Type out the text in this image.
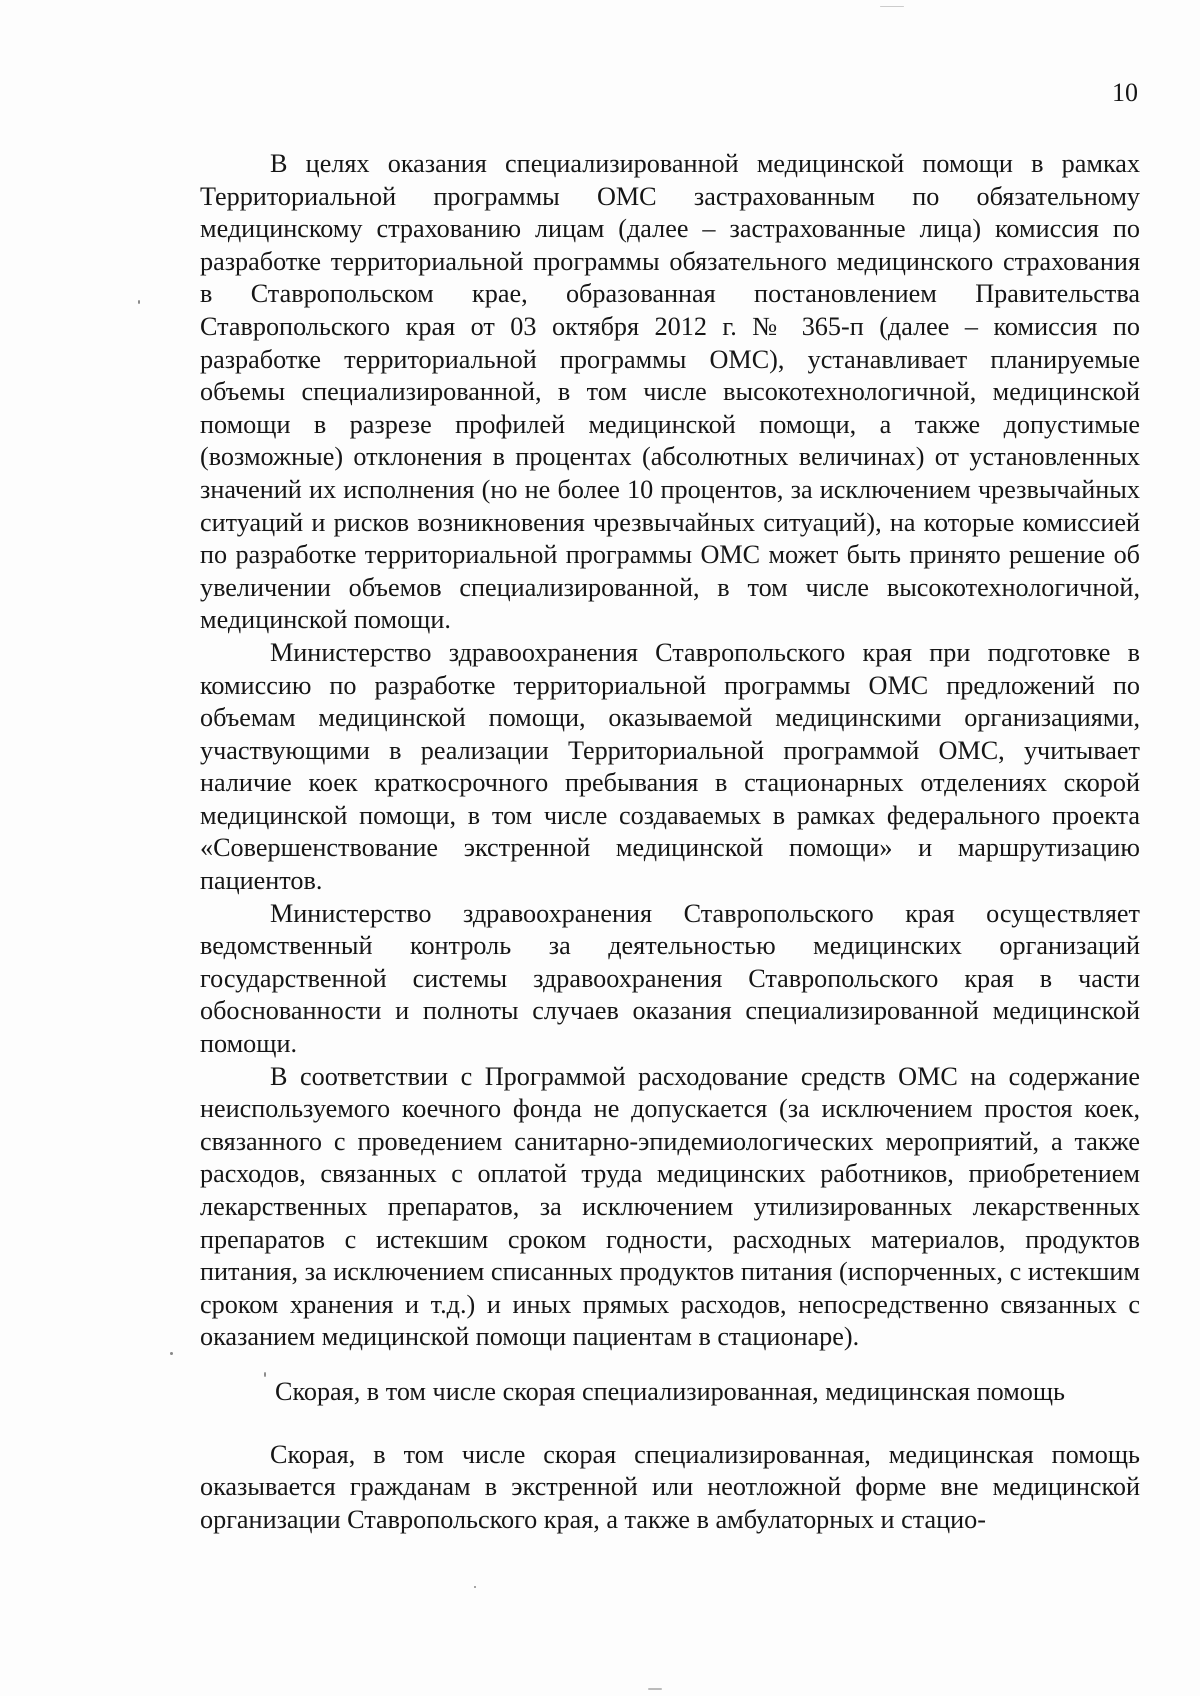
10

В целях оказания специализированной медицинской помощи в рамках Территориальной программы ОМС застрахованным по обязательному медицинскому страхованию лицам (далее – застрахованные лица) комиссия по разработке территориальной программы обязательного медицинского страхования в Ставропольском крае, образованная постановлением Правительства Ставропольского края от 03 октября 2012 г. № 365-п (далее – комиссия по разработке территориальной программы ОМС), устанавливает планируемые объемы специализированной, в том числе высокотехнологичной, медицинской помощи в разрезе профилей медицинской помощи, а также допустимые (возможные) отклонения в процентах (абсолютных величинах) от установленных значений их исполнения (но не более 10 процентов, за исключением чрезвычайных ситуаций и рисков возникновения чрезвычайных ситуаций), на которые комиссией по разработке территориальной программы ОМС может быть принято решение об увеличении объемов специализированной, в том числе высокотехнологичной, медицинской помощи.

Министерство здравоохранения Ставропольского края при подготовке в комиссию по разработке территориальной программы ОМС предложений по объемам медицинской помощи, оказываемой медицинскими организациями, участвующими в реализации Территориальной программой ОМС, учитывает наличие коек краткосрочного пребывания в стационарных отделениях скорой медицинской помощи, в том числе создаваемых в рамках федерального проекта «Совершенствование экстренной медицинской помощи» и маршрутизацию пациентов.

Министерство здравоохранения Ставропольского края осуществляет ведомственный контроль за деятельностью медицинских организаций государственной системы здравоохранения Ставропольского края в части обоснованности и полноты случаев оказания специализированной медицинской помощи.

В соответствии с Программой расходование средств ОМС на содержание неиспользуемого коечного фонда не допускается (за исключением простоя коек, связанного с проведением санитарно-эпидемиологических мероприятий, а также расходов, связанных с оплатой труда медицинских работников, приобретением лекарственных препаратов, за исключением утилизированных лекарственных препаратов с истекшим сроком годности, расходных материалов, продуктов питания, за исключением списанных продуктов питания (испорченных, с истекшим сроком хранения и т.д.) и иных прямых расходов, непосредственно связанных с оказанием медицинской помощи пациентам в стационаре).

Скорая, в том числе скорая специализированная, медицинская помощь

Скорая, в том числе скорая специализированная, медицинская помощь оказывается гражданам в экстренной или неотложной форме вне медицинской организации Ставропольского края, а также в амбулаторных и стацио-
